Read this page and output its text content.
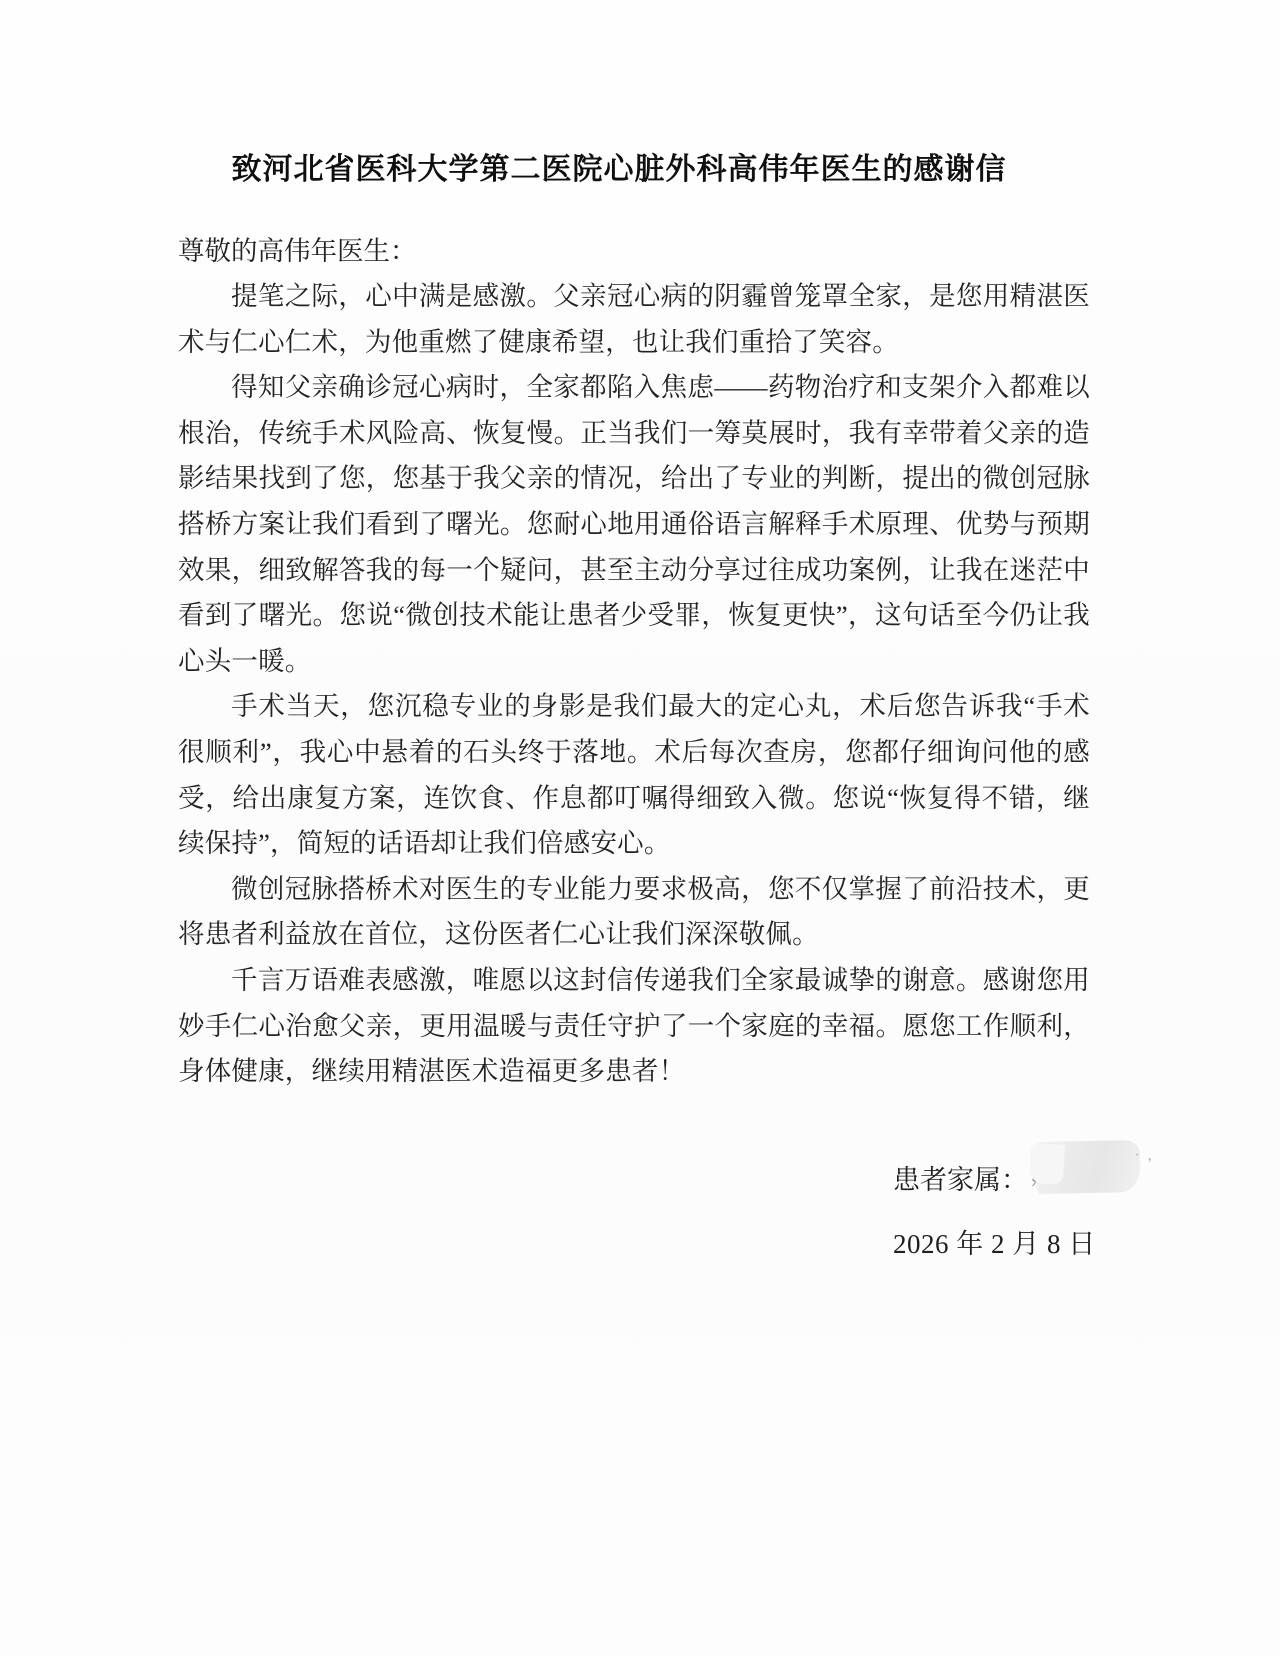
致河北省医科大学第二医院心脏外科高伟年医生的感谢信

尊敬的高伟年医生：

提笔之际，心中满是感激。父亲冠心病的阴霾曾笼罩全家，是您用精湛医术与仁心仁术，为他重燃了健康希望，也让我们重拾了笑容。

得知父亲确诊冠心病时，全家都陷入焦虑——药物治疗和支架介入都难以根治，传统手术风险高、恢复慢。正当我们一筹莫展时，我有幸带着父亲的造影结果找到了您，您基于我父亲的情况，给出了专业的判断，提出的微创冠脉搭桥方案让我们看到了曙光。您耐心地用通俗语言解释手术原理、优势与预期效果，细致解答我的每一个疑问，甚至主动分享过往成功案例，让我在迷茫中看到了曙光。您说“微创技术能让患者少受罪，恢复更快”，这句话至今仍让我心头一暖。

手术当天，您沉稳专业的身影是我们最大的定心丸，术后您告诉我“手术很顺利”，我心中悬着的石头终于落地。术后每次查房，您都仔细询问他的感受，给出康复方案，连饮食、作息都叮嘱得细致入微。您说“恢复得不错，继续保持”，简短的话语却让我们倍感安心。

微创冠脉搭桥术对医生的专业能力要求极高，您不仅掌握了前沿技术，更将患者利益放在首位，这份医者仁心让我们深深敬佩。

千言万语难表感激，唯愿以这封信传递我们全家最诚挚的谢意。感谢您用妙手仁心治愈父亲，更用温暖与责任守护了一个家庭的幸福。愿您工作顺利，身体健康，继续用精湛医术造福更多患者！

患者家属：
· ,
2026 年 2 月 8 日
